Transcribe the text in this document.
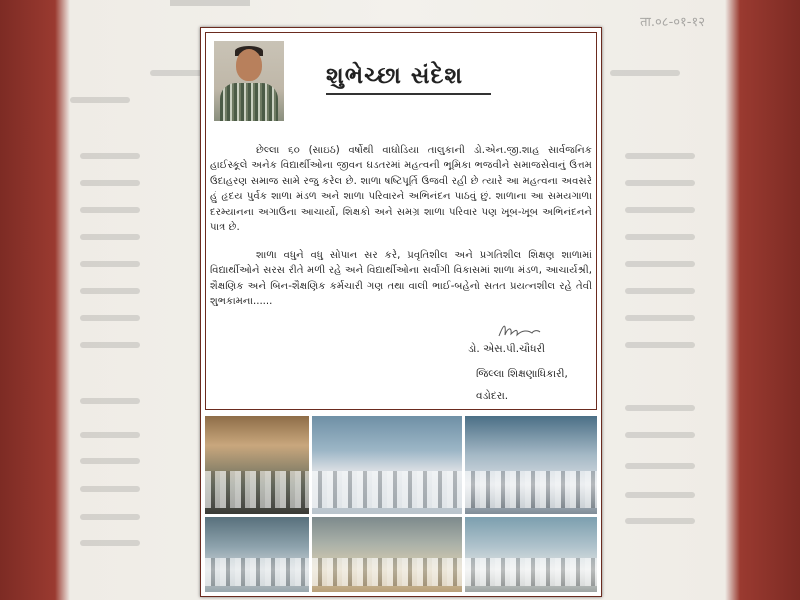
ता.०८-०१-१२
શુભેચ્છા સંદેશ
છેલ્લા ૬૦ (સાઇઠ) વર્ષોથી વાઘોડિયા તાલુકાની ડો.એન.જી.શાહ સાર્વજનિક હાઈસ્કૂલે અનેક વિદ્યાર્થીઓના જીવન ઘડતરમાં મહત્વની ભૂમિકા ભજવીને સમાજસેવાનું ઉત્તમ ઉદાહરણ સમાજ સામે રજુ કરેલ છે. શાળા ષષ્ટિપૂર્તિ ઉજવી રહી છે ત્યારે આ મહત્વના અવસરે હું હૃદય પુર્વક શાળા મંડળ અને શાળા પરિવારને અભિનંદન પાઠવું છું. શાળાના આ સમયગાળા દરમ્યાનના અગાઉના આચાર્યો, શિક્ષકો અને સમગ્ર શાળા પરિવાર પણ ખૂબ-ખૂબ અભિનંદનને પાત્ર છે.
શાળા વધુને વધુ સોપાન સર કરે, પ્રવૃતિશીલ અને પ્રગતિશીલ શિક્ષણ શાળામાં વિદ્યાર્થીઓને સરસ રીતે મળી રહે અને વિદ્યાર્થીઓના સર્વાંગી વિકાસમાં શાળા મંડળ, આચાર્યશ્રી, શૈક્ષણિક અને બિન-શૈક્ષણિક કર્મચારી ગણ તથા વાલી ભાઈ-બહેનો સતત પ્રયત્નશીલ રહે તેવી શુભકામના......
ડો. એસ.પી.ચૌધરી
જિલ્લા શિક્ષણાધિકારી,
વડોદરા.
